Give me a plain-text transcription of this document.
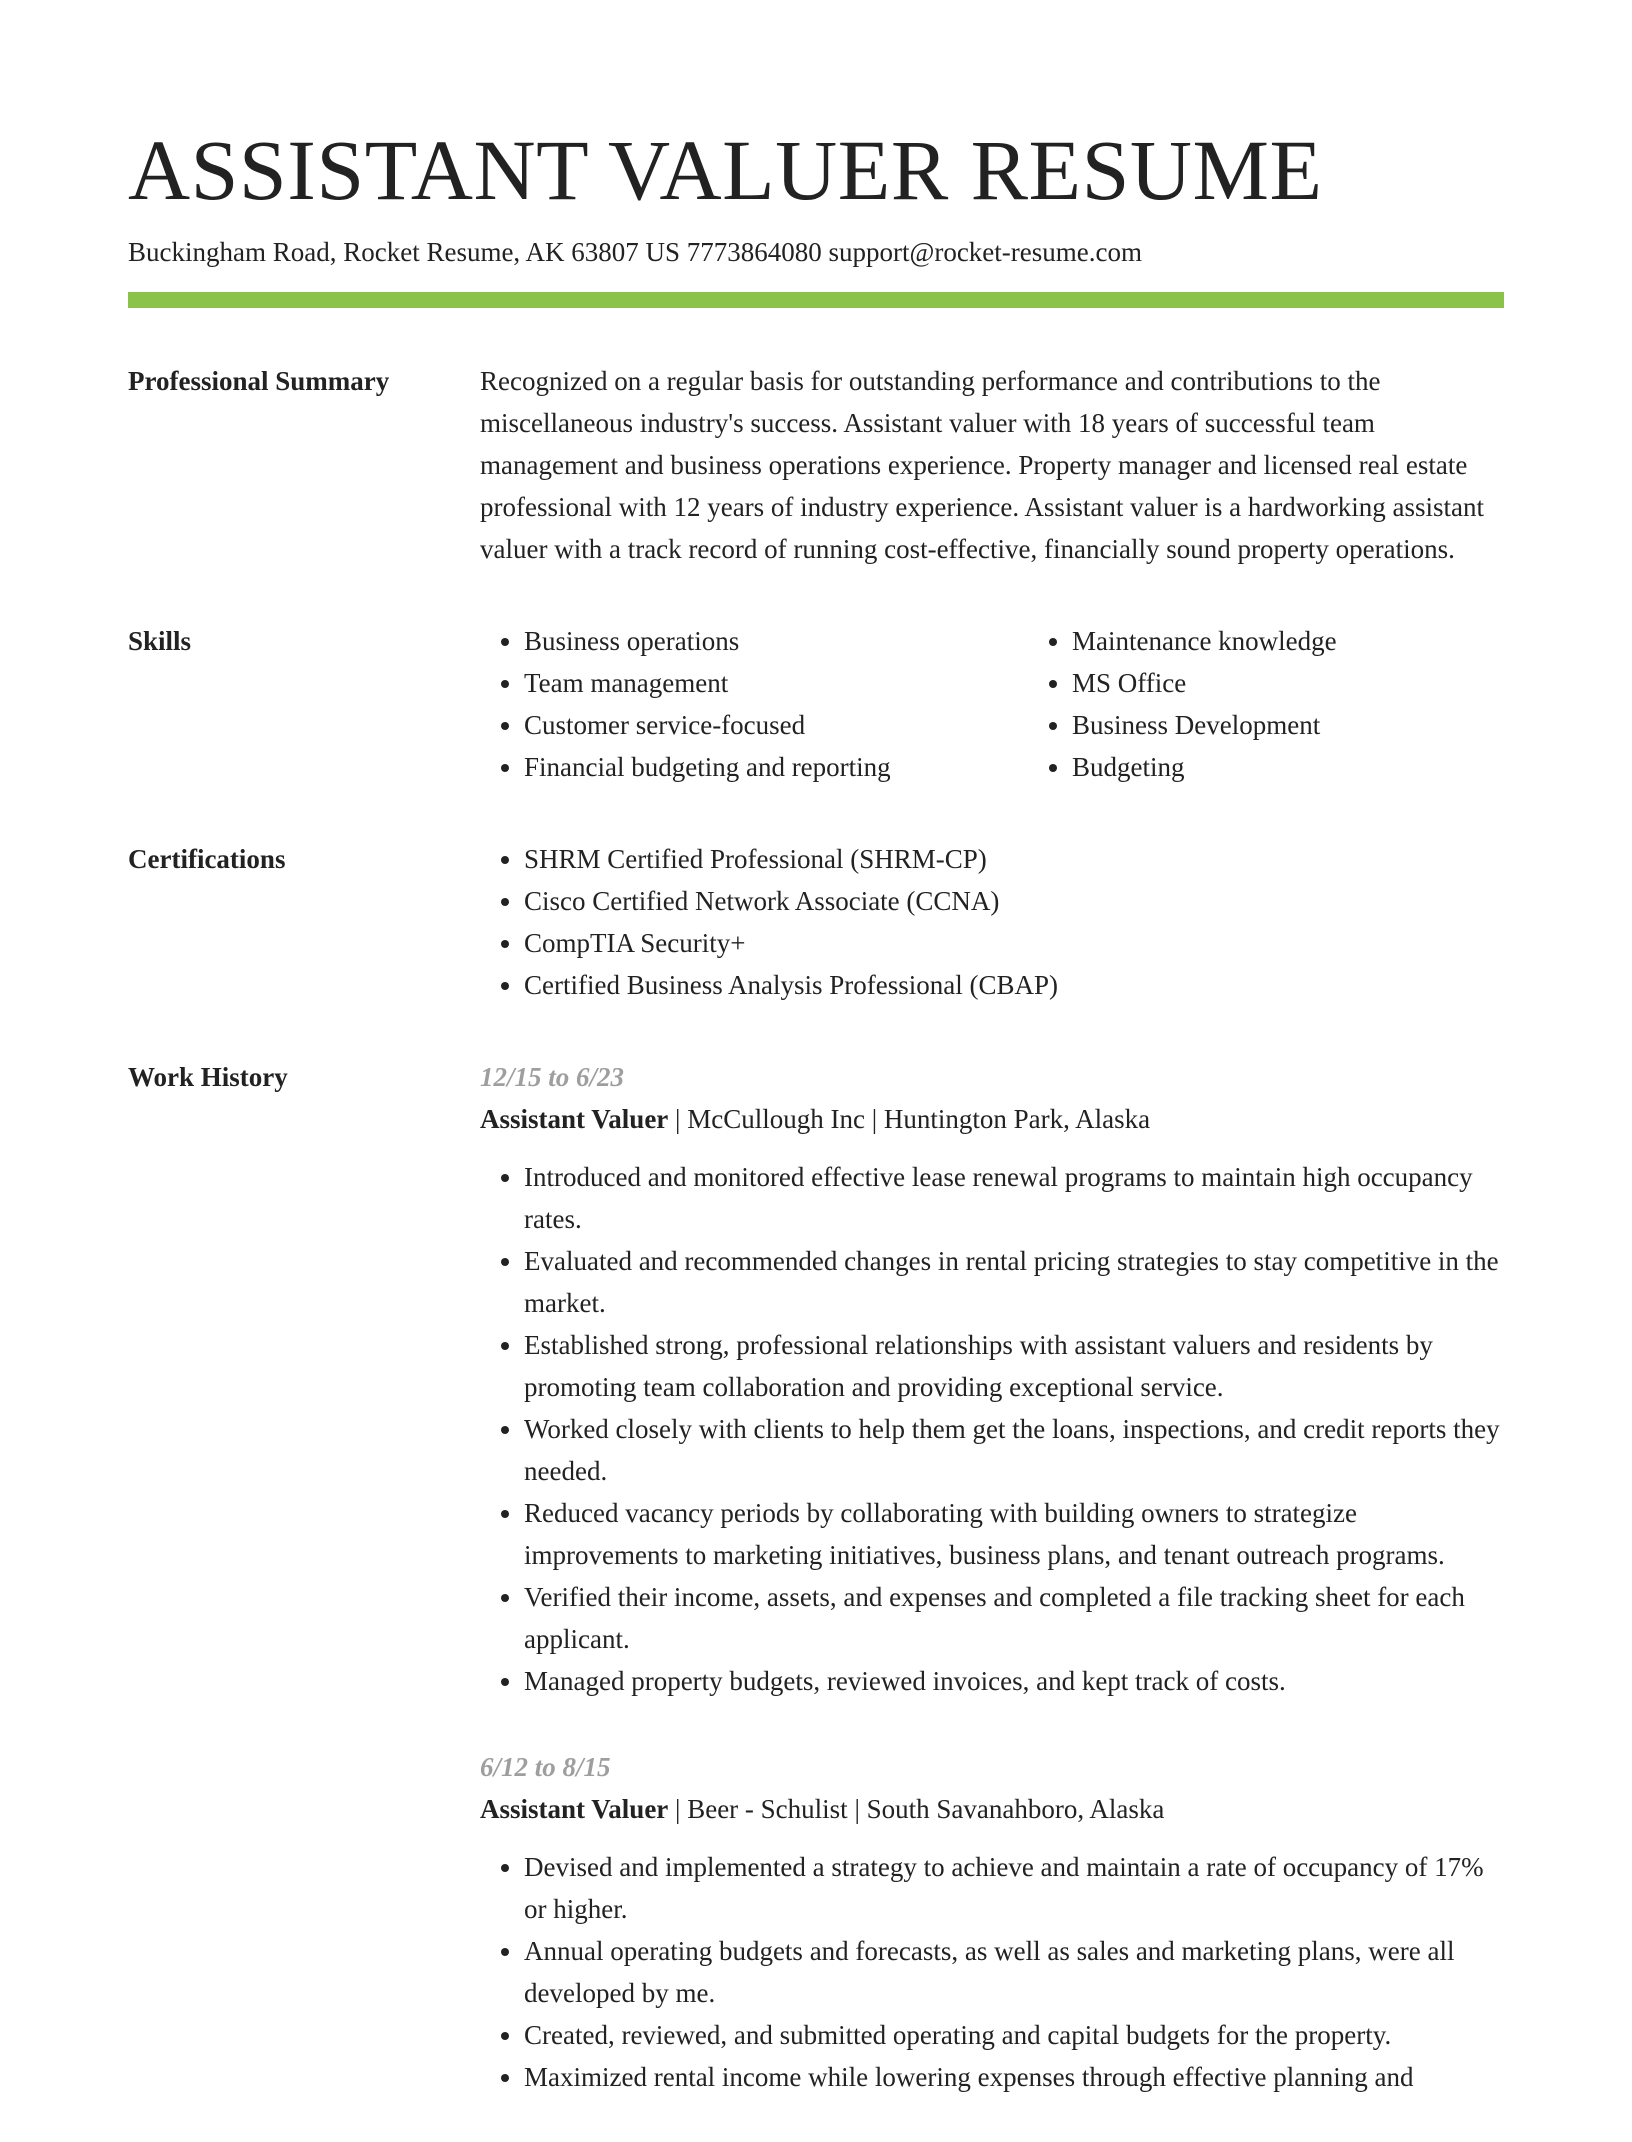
ASSISTANT VALUER RESUME
Buckingham Road, Rocket Resume, AK 63807 US 7773864080 support@rocket-resume.com
Professional Summary	Recognized on a regular basis for outstanding performance and contributions to the miscellaneous industry's success. Assistant valuer with 18 years of successful team management and business operations experience. Property manager and licensed real estate professional with 12 years of industry experience. Assistant valuer is a hardworking assistant valuer with a track record of running cost-effective, financially sound property operations.

Skills	• Business operations
• Team management
• Customer service-focused
• Financial budgeting and reporting
• Maintenance knowledge
• MS Office
• Business Development
• Budgeting
Certifications	• SHRM Certified Professional (SHRM-CP)
• Cisco Certified Network Associate (CCNA)
• CompTIA Security+
• Certified Business Analysis Professional (CBAP)
Work History	12/15 to 6/23
Assistant Valuer | McCullough Inc | Huntington Park, Alaska
• Introduced and monitored effective lease renewal programs to maintain high occupancy rates.
• Evaluated and recommended changes in rental pricing strategies to stay competitive in the market.
• Established strong, professional relationships with assistant valuers and residents by promoting team collaboration and providing exceptional service.
• Worked closely with clients to help them get the loans, inspections, and credit reports they needed.
• Reduced vacancy periods by collaborating with building owners to strategize improvements to marketing initiatives, business plans, and tenant outreach programs.
• Verified their income, assets, and expenses and completed a file tracking sheet for each applicant.
• Managed property budgets, reviewed invoices, and kept track of costs.
6/12 to 8/15
Assistant Valuer | Beer - Schulist | South Savanahboro, Alaska
• Devised and implemented a strategy to achieve and maintain a rate of occupancy of 17% or higher.
• Annual operating budgets and forecasts, as well as sales and marketing plans, were all developed by me.
• Created, reviewed, and submitted operating and capital budgets for the property.
• Maximized rental income while lowering expenses through effective planning and
